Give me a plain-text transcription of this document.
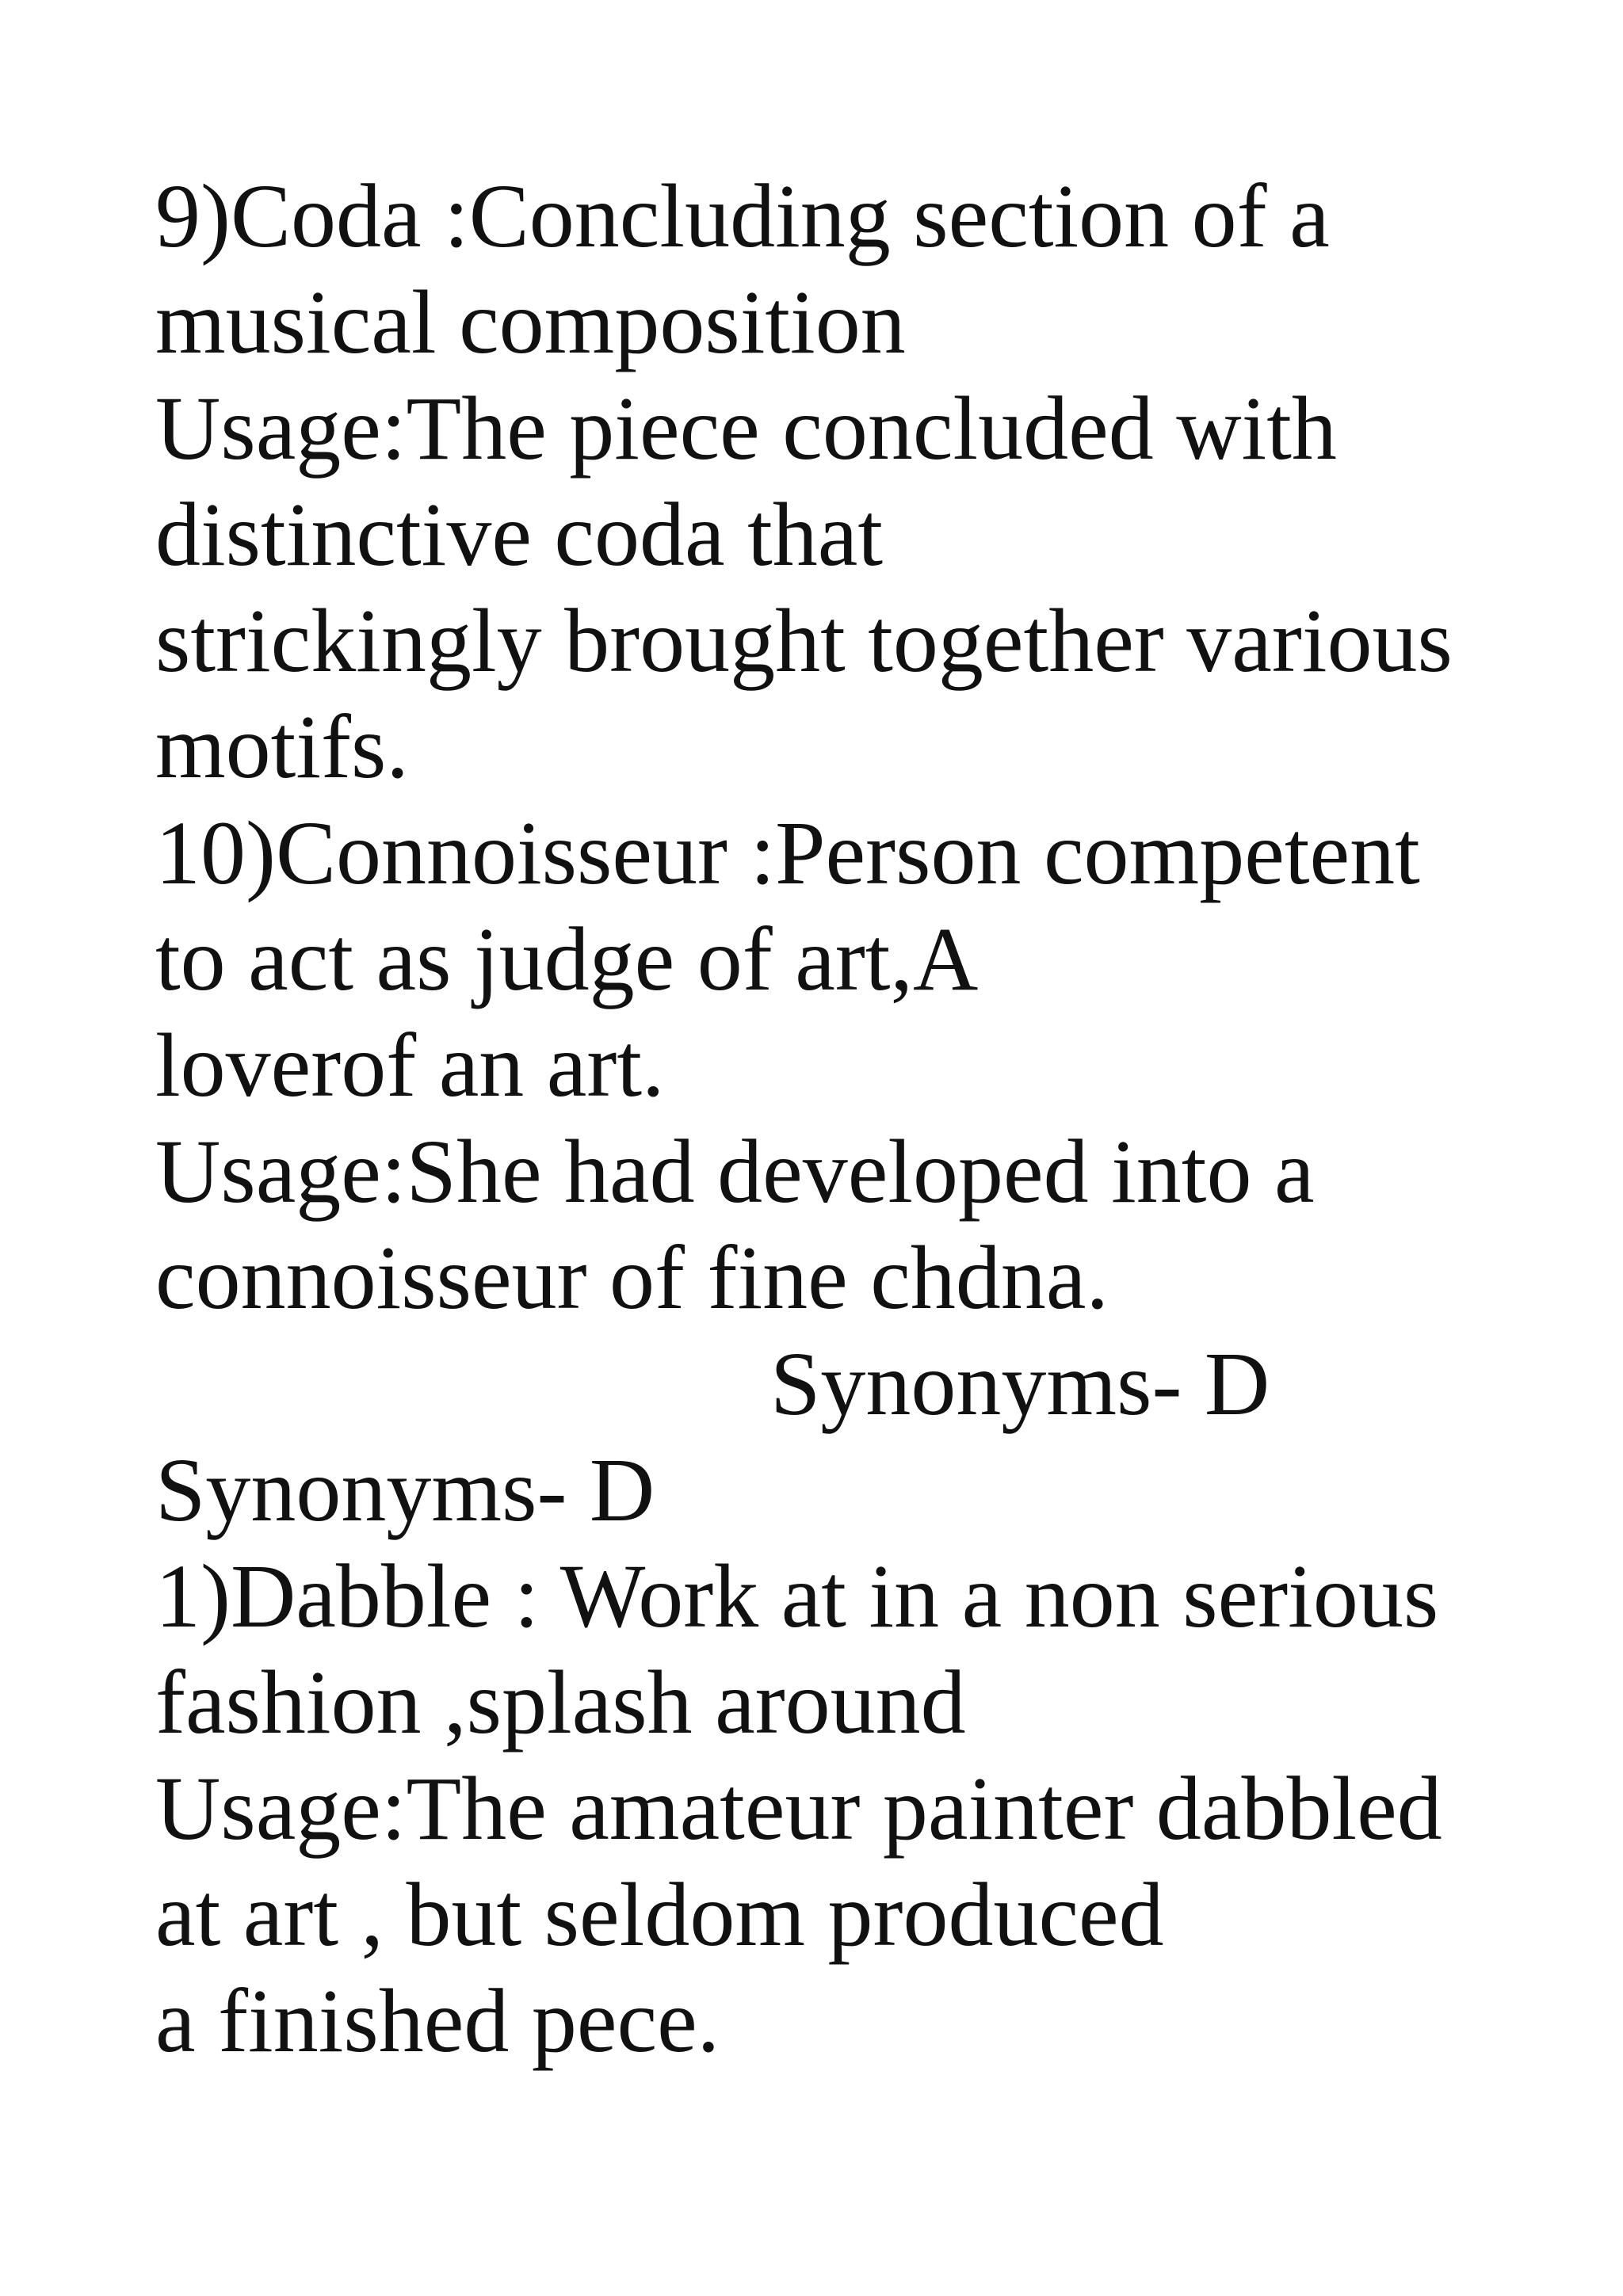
9)Coda :Concluding section of a
musical composition
Usage:The piece concluded with
distinctive coda that
strickingly brought together various
motifs.
10)Connoisseur :Person competent
to act as judge of art,A
loverof an art.
Usage:She had developed into a
connoisseur of fine chdna.
Synonyms- D
Synonyms- D
1)Dabble : Work at in a non serious
fashion ,splash around
Usage:The amateur painter dabbled
at art , but seldom produced
a finished pece.
